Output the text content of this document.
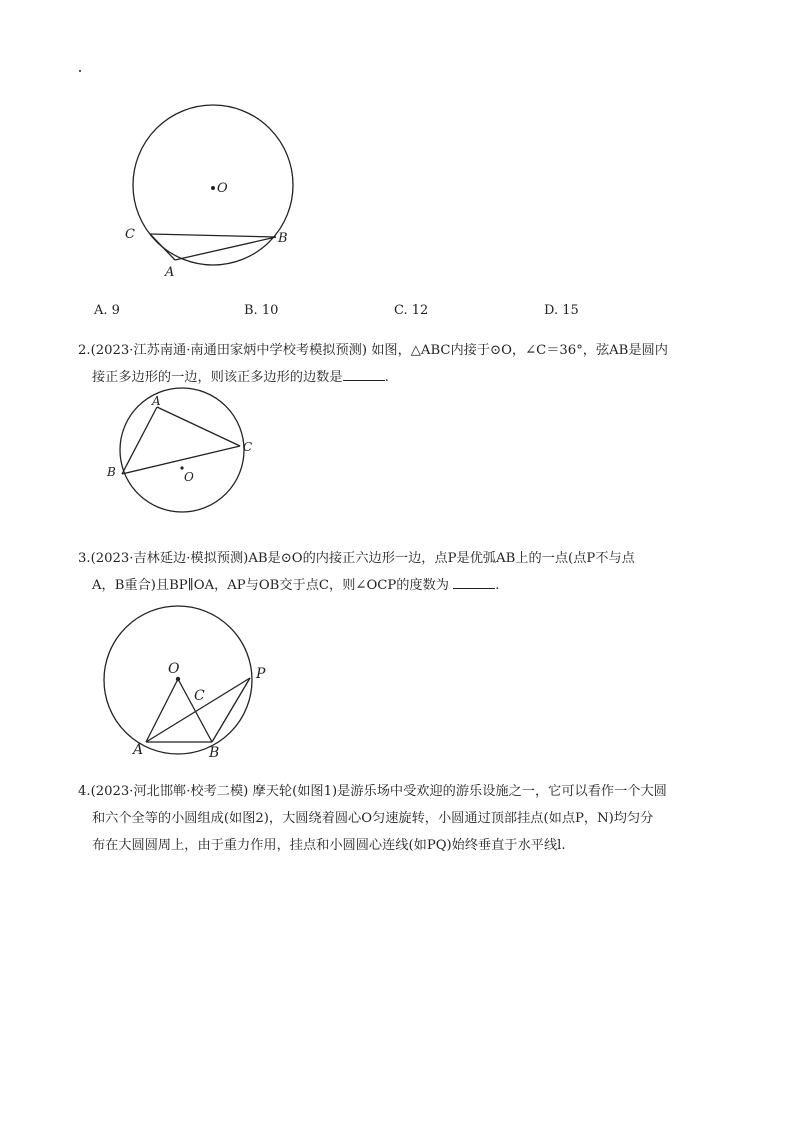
O
C	B
A
A. 9	B. 10	C. 12	D. 15
2.(2023·江苏南通·南通田家炳中学校考模拟预测) 如图，△ABC内接于⊙O，∠C＝36°，弦AB是圆内
接正多边形的一边，则该正多边形的边数是	.
A
B
C
O
3.(2023·吉林延边·模拟预测)AB是⊙O的内接正六边形一边，点P是优弧AB上的一点(点P不与点
A，B重合)且BP∥OA，AP与OB交于点C，则∠OCP的度数为	.
O	P
C
A	B
4.(2023·河北邯郸·校考二模) 摩天轮(如图1)是游乐场中受欢迎的游乐设施之一，它可以看作一个大圆
和六个全等的小圆组成(如图2)，大圆绕着圆心O匀速旋转，小圆通过顶部挂点(如点P，N)均匀分
布在大圆圆周上，由于重力作用，挂点和小圆圆心连线(如PQ)始终垂直于水平线l.
